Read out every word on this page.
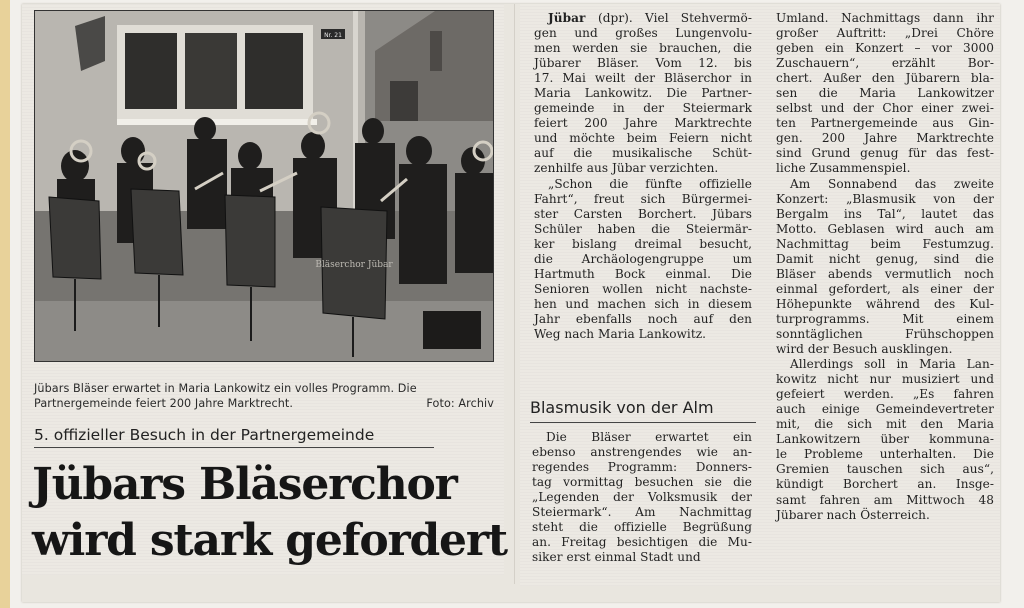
Nr. 21
Bläserchor Jübar
Jübars Bläser erwartet in Maria Lankowitz ein volles Programm. Die Partnergemeinde feiert 200 Jahre Marktrecht.	Foto: Archiv
5. offizieller Besuch in der Partnergemeinde
Jübars Bläserchor
wird stark gefordert
Jübar (dpr). Viel Stehvermö-
gen und großes Lungenvolu-
men werden sie brauchen, die
Jübarer Bläser. Vom 12. bis
17. Mai weilt der Bläserchor in
Maria Lankowitz. Die Partner-
gemeinde in der Steiermark
feiert 200 Jahre Marktrechte
und möchte beim Feiern nicht
auf die musikalische Schüt-
zenhilfe aus Jübar verzichten.
„Schon die fünfte offizielle
Fahrt“, freut sich Bürgermei-
ster Carsten Borchert. Jübars
Schüler haben die Steiermär-
ker bislang dreimal besucht,
die Archäologengruppe um
Hartmuth Bock einmal. Die
Senioren wollen nicht nachste-
hen und machen sich in diesem
Jahr ebenfalls noch auf den
Weg nach Maria Lankowitz.
Blasmusik von der Alm
Die Bläser erwartet ein
ebenso anstrengendes wie an-
regendes Programm: Donners-
tag vormittag besuchen sie die
„Legenden der Volksmusik der
Steiermark“. Am Nachmittag
steht die offizielle Begrüßung
an. Freitag besichtigen die Mu-
siker erst einmal Stadt und
Umland. Nachmittags dann ihr
großer Auftritt: „Drei Chöre
geben ein Konzert – vor 3000
Zuschauern“, erzählt Bor-
chert. Außer den Jübarern bla-
sen die Maria Lankowitzer
selbst und der Chor einer zwei-
ten Partnergemeinde aus Gin-
gen. 200 Jahre Marktrechte
sind Grund genug für das fest-
liche Zusammenspiel.
Am Sonnabend das zweite
Konzert: „Blasmusik von der
Bergalm ins Tal“, lautet das
Motto. Geblasen wird auch am
Nachmittag beim Festumzug.
Damit nicht genug, sind die
Bläser abends vermutlich noch
einmal gefordert, als einer der
Höhepunkte während des Kul-
turprogramms. Mit einem
sonntäglichen Frühschoppen
wird der Besuch ausklingen.
Allerdings soll in Maria Lan-
kowitz nicht nur musiziert und
gefeiert werden. „Es fahren
auch einige Gemeindevertreter
mit, die sich mit den Maria
Lankowitzern über kommuna-
le Probleme unterhalten. Die
Gremien tauschen sich aus“,
kündigt Borchert an. Insge-
samt fahren am Mittwoch 48
Jübarer nach Österreich.
